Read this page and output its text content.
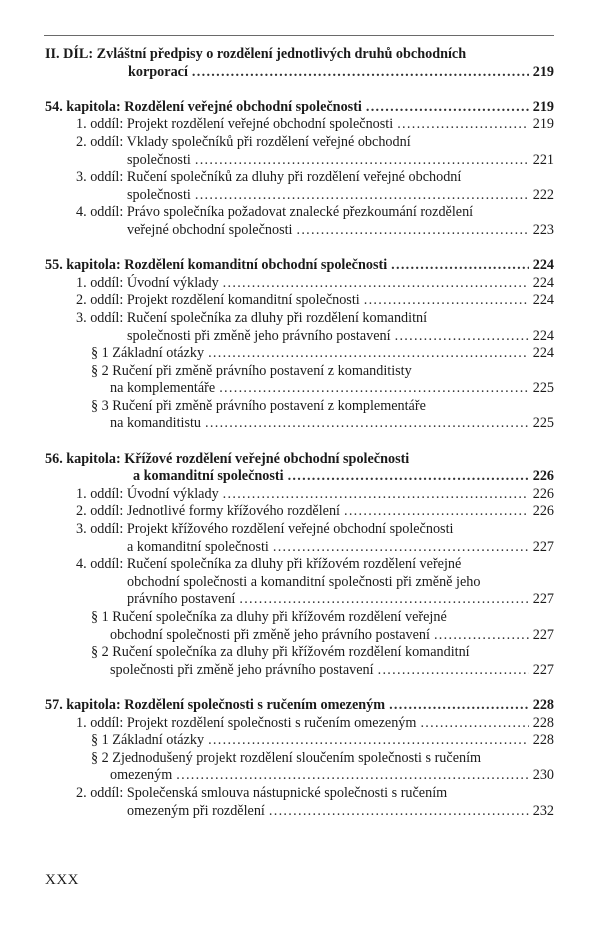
II. DÍL: Zvláštní předpisy o rozdělení jednotlivých druhů obchodních
korporací .....	219
54. kapitola: Rozdělení veřejné obchodní společnosti .....	219
1. oddíl: Projekt rozdělení veřejné obchodní společnosti .....	219
2. oddíl: Vklady společníků při rozdělení veřejné obchodní
společnosti .....	221
3. oddíl: Ručení společníků za dluhy při rozdělení veřejné obchodní
společnosti .....	222
4. oddíl: Právo společníka požadovat znalecké přezkoumání rozdělení
veřejné obchodní společnosti .....	223
55. kapitola: Rozdělení komanditní obchodní společnosti .....	224
1. oddíl: Úvodní výklady .....	224
2. oddíl: Projekt rozdělení komanditní společnosti .....	224
3. oddíl: Ručení společníka za dluhy při rozdělení komanditní
společnosti při změně jeho právního postavení .....	224
§ 1 Základní otázky .....	224
§ 2 Ručení při změně právního postavení z komanditisty
na komplementáře .....	225
§ 3 Ručení při změně právního postavení z komplementáře
na komanditistu .....	225
56. kapitola: Křížové rozdělení veřejné obchodní společnosti
a komanditní společnosti .....	226
1. oddíl: Úvodní výklady .....	226
2. oddíl: Jednotlivé formy křížového rozdělení .....	226
3. oddíl: Projekt křížového rozdělení veřejné obchodní společnosti
a komanditní společnosti .....	227
4. oddíl: Ručení společníka za dluhy při křížovém rozdělení veřejné
obchodní společnosti a komanditní společnosti při změně jeho
právního postavení .....	227
§ 1 Ručení společníka za dluhy při křížovém rozdělení veřejné
obchodní společnosti při změně jeho právního postavení .....	227
§ 2 Ručení společníka za dluhy při křížovém rozdělení komanditní
společnosti při změně jeho právního postavení .....	227
57. kapitola: Rozdělení společnosti s ručením omezeným .....	228
1. oddíl: Projekt rozdělení společnosti s ručením omezeným .....	228
§ 1 Základní otázky .....	228
§ 2 Zjednodušený projekt rozdělení sloučením společnosti s ručením
omezeným .....	230
2. oddíl: Společenská smlouva nástupnické společnosti s ručením
omezeným při rozdělení .....	232
XXX
